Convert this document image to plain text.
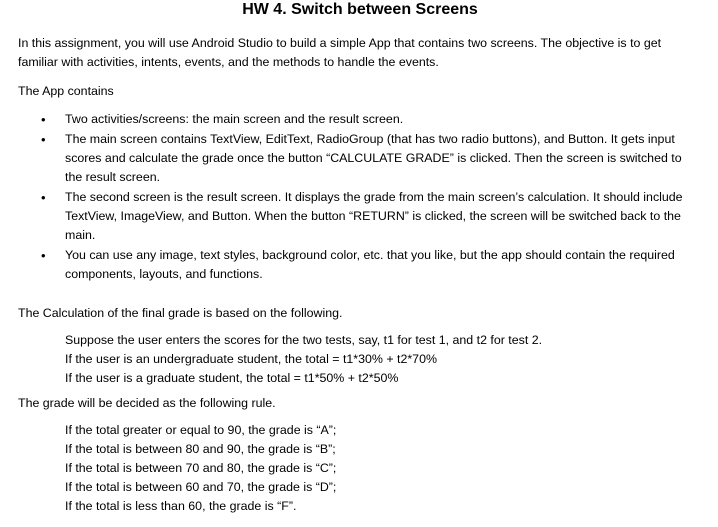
HW 4. Switch between Screens

In this assignment, you will use Android Studio to build a simple App that contains two screens. The objective is to get familiar with activities, intents, events, and the methods to handle the events.

The App contains

• Two activities/screens: the main screen and the result screen.
• The main screen contains TextView, EditText, RadioGroup (that has two radio buttons), and Button. It gets input scores and calculate the grade once the button “CALCULATE GRADE” is clicked. Then the screen is switched to the result screen.
• The second screen is the result screen. It displays the grade from the main screen’s calculation. It should include TextView, ImageView, and Button. When the button “RETURN” is clicked, the screen will be switched back to the main.
• You can use any image, text styles, background color, etc. that you like, but the app should contain the required components, layouts, and functions.

The Calculation of the final grade is based on the following.

Suppose the user enters the scores for the two tests, say, t1 for test 1, and t2 for test 2.
If the user is an undergraduate student, the total = t1*30% + t2*70%
If the user is a graduate student, the total = t1*50% + t2*50%

The grade will be decided as the following rule.

If the total greater or equal to 90, the grade is “A”;
If the total is between 80 and 90, the grade is “B”;
If the total is between 70 and 80, the grade is “C”;
If the total is between 60 and 70, the grade is “D”;
If the total is less than 60, the grade is “F”.
